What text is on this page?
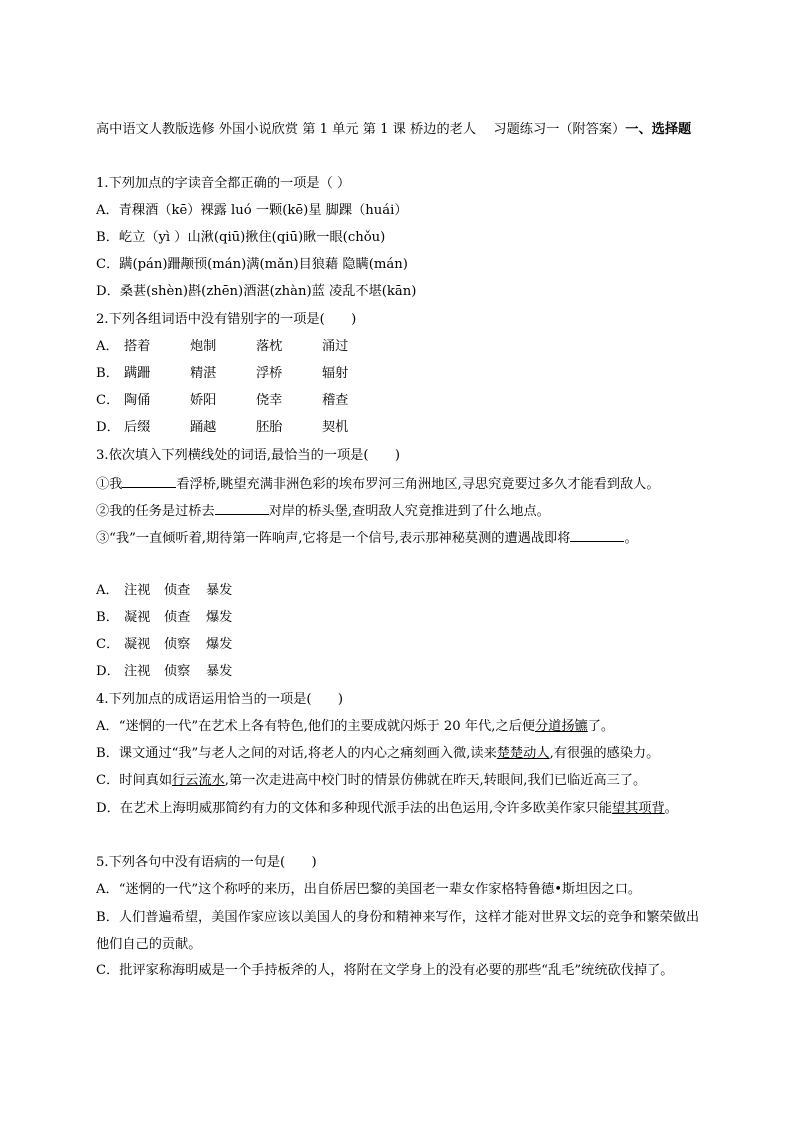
高中语文人教版选修 外国小说欣赏 第 1 单元 第 1 课 桥边的老人　 习题练习一（附答案）一、选择题
1.下列加点的字读音全都正确的一项是（ ）
A．青稞酒（kē）裸露 luó 一颗(kē)星 脚踝（huái）
B．屹立（yì ）山湫(qiū)揪住(qiū)瞅一眼(chǒu)
C．蹒(pán)跚颟顸(mán)满(mǎn)目狼藉 隐瞒(mán)
D．桑葚(shèn)斟(zhēn)酒湛(zhàn)蓝 凌乱不堪(kān)
2.下列各组词语中没有错别字的一项是(　　)
A． 搭着	炮制	落枕	涌过
B． 蹒跚	精湛	浮桥	辐射
C． 陶俑	娇阳	侥幸	稽查
D． 后缀	踊越	胚胎	契机
3.依次填入下列横线处的词语,最恰当的一项是(　　)
①我	看浮桥,眺望充满非洲色彩的埃布罗河三角洲地区,寻思究竟要过多久才能看到敌人。
②我的任务是过桥去	对岸的桥头堡,查明敌人究竟推进到了什么地点。
③“我”一直倾听着,期待第一阵响声,它将是一个信号,表示那神秘莫测的遭遇战即将	。
A． 注视 侦查 暴发
B． 凝视 侦查 爆发
C． 凝视 侦察 爆发
D． 注视 侦察 暴发
4.下列加点的成语运用恰当的一项是(　　)
A．“迷惘的一代”在艺术上各有特色,他们的主要成就闪烁于 20 年代,之后便分道扬镳了。
B．课文通过“我”与老人之间的对话,将老人的内心之痛刻画入微,读来楚楚动人,有很强的感染力。
C．时间真如行云流水,第一次走进高中校门时的情景仿佛就在昨天,转眼间,我们已临近高三了。
D．在艺术上海明威那简约有力的文体和多种现代派手法的出色运用,令许多欧美作家只能望其项背。
5.下列各句中没有语病的一句是(　　)
A．“迷惘的一代”这个称呼的来历，出自侨居巴黎的美国老一辈女作家格特鲁德•斯坦因之口。
B．人们普遍希望，美国作家应该以美国人的身份和精神来写作，这样才能对世界文坛的竞争和繁荣做出他们自己的贡献。
C．批评家称海明威是一个手持板斧的人，将附在文学身上的没有必要的那些“乱毛”统统砍伐掉了。
